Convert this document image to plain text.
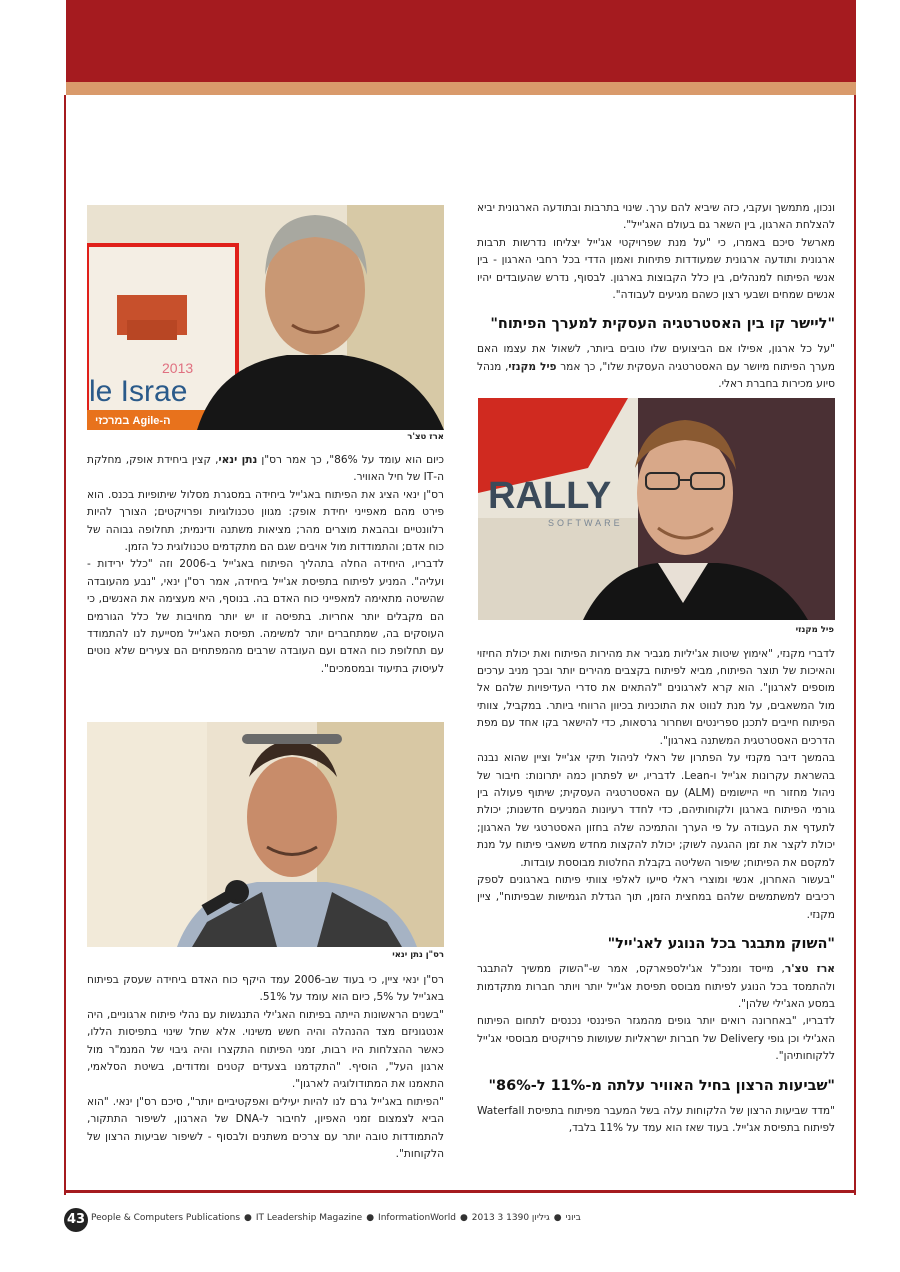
ונכון, מתמשך ועקבי, כזה שיביא להם ערך. שינוי בתרבות ובתודעה הארגונית יביא להצלחת הארגון, בין השאר גם בעולם האג'ייל".

מארשל סיכם באמרו, כי "על מנת שפרויקטי אג'ייל יצליחו נדרשות תרבות ארגונית ותודעה ארגונית שמעודדות פתיחות ואמון הדדי בכל רחבי הארגון - בין אנשי הפיתוח למנהלים, בין כלל הקבוצות בארגון. לבסוף, נדרש שהעובדים יהיו אנשים שמחים ושבעי רצון כשהם מגיעים לעבודה".

"ליישר קו בין האסטרטגיה העסקית למערך הפיתוח"

"על כל ארגון, אפילו אם הביצועים שלו טובים ביותר, לשאול את עצמו האם מערך הפיתוח מיושר עם האסטרטגיה העסקית שלו", כך אמר פיל מקנזי, מנהל סיוע מכירות בחברת ראלי.

לדברי מקנזי, "אימוץ שיטות אג'יליות מגביר את מהירות הפיתוח ואת יכולת החיזוי והאיכות של תוצר הפיתוח, מביא לפיתוח בקצבים מהירים יותר ובכך מניב ערכים מוספים לארגון". הוא קרא לארגונים "להתאים את סדרי העדיפויות שלהם אל מול המשאבים, על מנת לנווט את התוכניות בכיוון הרווחי ביותר. במקביל, צוותי הפיתוח חייבים לתכנן ספרינטים ושחרור גרסאות, כדי להישאר בקו אחד עם מפת הדרכים האסטרטגית המשתנה בארגון".

בהמשך דיבר מקנזי על הפתרון של ראלי לניהול תיקי אג'ייל וציין שהוא נבנה בהשראת עקרונות אג'ייל ו-Lean. לדבריו, יש לפתרון כמה יתרונות: חיבור של ניהול מחזור חיי היישומים (ALM) עם האסטרטגיה העסקית; שיתוף פעולה בין גורמי הפיתוח בארגון ולקוחותיהם, כדי לחדד רעיונות המניעים חדשנות; יכולת לתעדף את העבודה על פי הערך והתמיכה שלה בחזון האסטרטגי של הארגון; יכולת לקצר את זמן ההגעה לשוק; יכולת להקצות מחדש משאבי פיתוח על מנת למקסם את הפיתוח; שיפור השליטה בקבלת החלטות מבוססת עובדות.

"בעשור האחרון, אנשי ומוצרי ראלי סייעו לאלפי צוותי פיתוח בארגונים לספק רכיבים למשתמשים שלהם במחצית הזמן, תוך הגדלת הגמישות שבפיתוח", ציין מקנזי.

"השוק מתבגר בכל הנוגע לאג'ייל"

ארז טצ'ר, מייסד ומנכ"ל אג'ילספארקס, אמר ש-"השוק ממשיך להתבגר ולהתמסד בכל הנוגע לפיתוח מבוסס תפיסת אג'ייל יותר ויותר חברות מתקדמות במסע האג'ילי שלהן".

לדבריו, "באחרונה רואים יותר גופים מהמגזר הפיננסי נכנסים לתחום הפיתוח האג'ילי וכן גופי Delivery של חברות ישראליות שעושות פרויקטים מבוססי אג'ייל ללקוחותיהן".

"שביעות הרצון בחיל האוויר עלתה מ-11% ל-86%"

"מדד שביעות הרצון של הלקוחות עלה בשל המעבר מפיתוח בתפיסת Waterfall לפיתוח בתפיסת אג'ייל. בעוד שאז הוא עמד על 11% בלבד,

RALLY
SOFTWARE
פיל מקנזי
2013
le Israe
במרכזי Agile-ה
ארז טצ'ר
רס"ן נתן ינאי

כיום הוא עומד על 86%", כך אמר רס"ן נתן ינאי, קצין ביחידת אופק, מחלקת ה-IT של חיל האוויר.

רס"ן ינאי הציג את הפיתוח באג'ייל ביחידה במסגרת מסלול שיתופיות בכנס. הוא פירט מהם מאפייני יחידת אופק: מגוון טכנולוגיות ופרויקטים; הצורך להיות רלוונטיים ובהבאת מוצרים מהר; מציאות משתנה ודינמית; תחלופה גבוהה של כוח אדם; והתמודדות מול אויבים שגם הם מתקדמים טכנולוגית כל הזמן.

לדבריו, היחידה החלה בתהליך הפיתוח באג'ייל ב-2006 וזה "כלל ירידות - ועליה". המניע לפיתוח בתפיסת אג'ייל ביחידה, אמר רס"ן ינאי, "נבע מהעובדה שהשיטה מתאימה למאפייני כוח האדם בה. בנוסף, היא מעצימה את האנשים, כי הם מקבלים יותר אחריות. בתפיסה זו יש יותר מחויבות של כלל הגורמים העוסקים בה, שמתחברים יותר למשימה. תפיסת האג'ייל מסייעת לנו להתמודד עם תחלופת כוח האדם ועם העובדה שרבים מהמפתחים הם צעירים שלא נוטים לעיסוק בתיעוד ובמסמכים".

רס"ן ינאי ציין, כי בעוד שב-2006 עמד היקף כוח האדם ביחידה שעסק בפיתוח באג'ייל על 5%, כיום הוא עומד על 51%.

"בשנים הראשונות הייתה בפיתוח האג'ילי התנגשות עם נהלי פיתוח ארגוניים, היה אנטגוניזם מצד ההנהלה והיה חשש משינוי. אלא שחל שינוי בתפיסות הללו, כאשר ההצלחות היו רבות, זמני הפיתוח התקצרו והיה גיבוי של המנמ"ר מול ארגון העל", הוסיף. "התקדמנו בצעדים קטנים ומדודים, בשיטת הסלאמי, התאמנו את המתודולוגיה לארגון".

"הפיתוח באג'ייל גרם לנו להיות יעילים ואפקטיביים יותר", סיכם רס"ן ינאי. "הוא הביא לצמצום זמני האפיון, לחיבור ל-DNA של הארגון, לשיפור התתקור, להתמודדות טובה יותר עם צרכים משתנים ולבסוף - לשיפור שביעות הרצון של הלקוחות".

43 People & Computers Publications ● IT Leadership Magazine ● InformationWorld ● 2013 3 ביוני●גיליון 1390
